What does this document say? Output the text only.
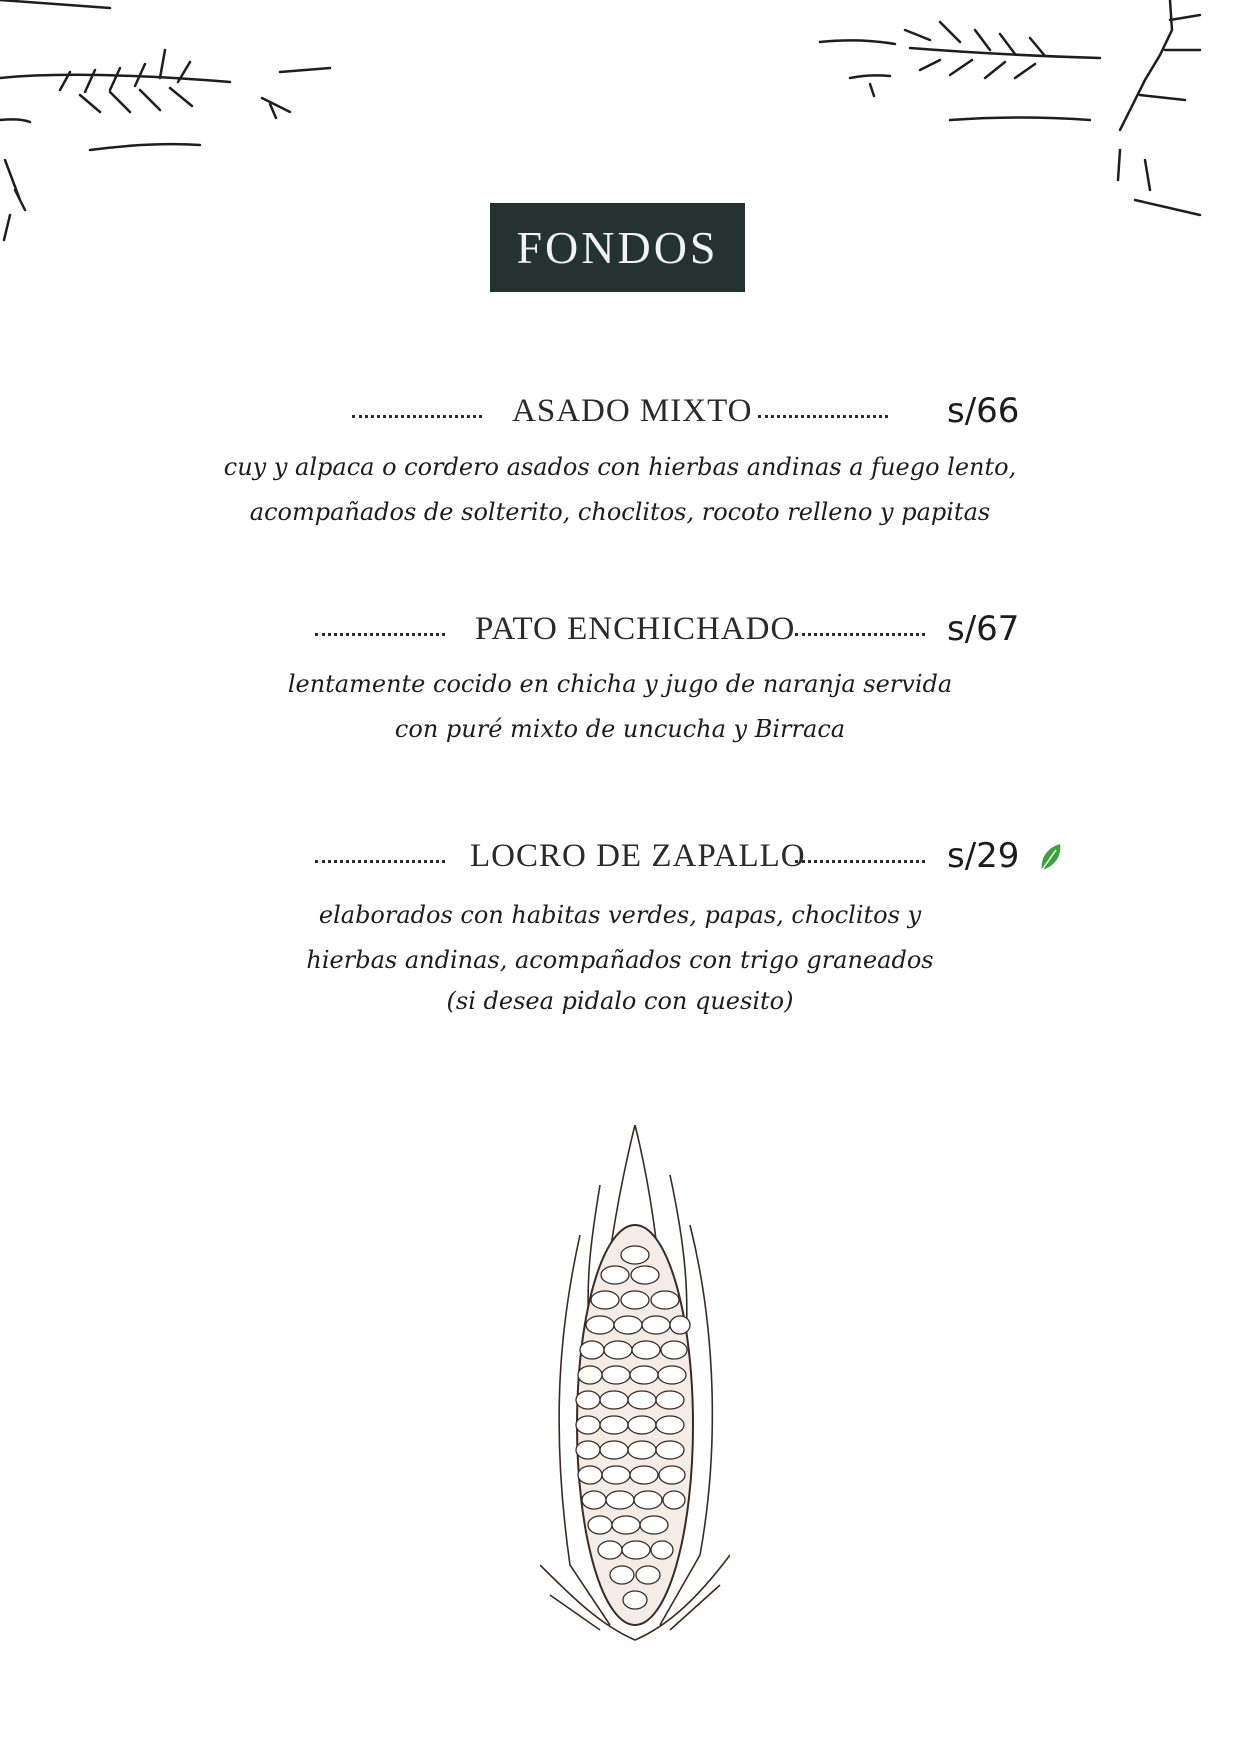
FONDOS
ASADO MIXTO	s/66
cuy y alpaca o cordero asados con hierbas andinas a fuego lento,
acompañados de solterito, choclitos, rocoto relleno y papitas
PATO ENCHICHADO	s/67
lentamente cocido en chicha y jugo de naranja servida
con puré mixto de uncucha y Birraca
LOCRO DE ZAPALLO	s/29
elaborados con habitas verdes, papas, choclitos y
hierbas andinas, acompañados con trigo graneados
(si desea pidalo con quesito)
